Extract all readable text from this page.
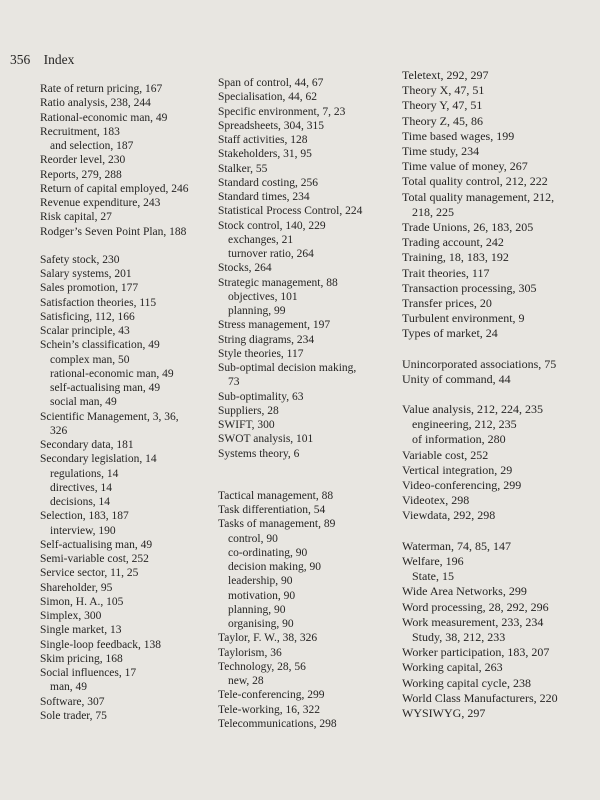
356 Index
Rate of return pricing, 167
Ratio analysis, 238, 244
Rational-economic man, 49
Recruitment, 183
and selection, 187
Reorder level, 230
Reports, 279, 288
Return of capital employed, 246
Revenue expenditure, 243
Risk capital, 27
Rodger’s Seven Point Plan, 188
Safety stock, 230
Salary systems, 201
Sales promotion, 177
Satisfaction theories, 115
Satisficing, 112, 166
Scalar principle, 43
Schein’s classification, 49
complex man, 50
rational-economic man, 49
self-actualising man, 49
social man, 49
Scientific Management, 3, 36,
326
Secondary data, 181
Secondary legislation, 14
regulations, 14
directives, 14
decisions, 14
Selection, 183, 187
interview, 190
Self-actualising man, 49
Semi-variable cost, 252
Service sector, 11, 25
Shareholder, 95
Simon, H. A., 105
Simplex, 300
Single market, 13
Single-loop feedback, 138
Skim pricing, 168
Social influences, 17
man, 49
Software, 307
Sole trader, 75
Span of control, 44, 67
Specialisation, 44, 62
Specific environment, 7, 23
Spreadsheets, 304, 315
Staff activities, 128
Stakeholders, 31, 95
Stalker, 55
Standard costing, 256
Standard times, 234
Statistical Process Control, 224
Stock control, 140, 229
exchanges, 21
turnover ratio, 264
Stocks, 264
Strategic management, 88
objectives, 101
planning, 99
Stress management, 197
String diagrams, 234
Style theories, 117
Sub-optimal decision making,
73
Sub-optimality, 63
Suppliers, 28
SWIFT, 300
SWOT analysis, 101
Systems theory, 6
Tactical management, 88
Task differentiation, 54
Tasks of management, 89
control, 90
co-ordinating, 90
decision making, 90
leadership, 90
motivation, 90
planning, 90
organising, 90
Taylor, F. W., 38, 326
Taylorism, 36
Technology, 28, 56
new, 28
Tele-conferencing, 299
Tele-working, 16, 322
Telecommunications, 298
Teletext, 292, 297
Theory X, 47, 51
Theory Y, 47, 51
Theory Z, 45, 86
Time based wages, 199
Time study, 234
Time value of money, 267
Total quality control, 212, 222
Total quality management, 212,
218, 225
Trade Unions, 26, 183, 205
Trading account, 242
Training, 18, 183, 192
Trait theories, 117
Transaction processing, 305
Transfer prices, 20
Turbulent environment, 9
Types of market, 24
Unincorporated associations, 75
Unity of command, 44
Value analysis, 212, 224, 235
engineering, 212, 235
of information, 280
Variable cost, 252
Vertical integration, 29
Video-conferencing, 299
Videotex, 298
Viewdata, 292, 298
Waterman, 74, 85, 147
Welfare, 196
State, 15
Wide Area Networks, 299
Word processing, 28, 292, 296
Work measurement, 233, 234
Study, 38, 212, 233
Worker participation, 183, 207
Working capital, 263
Working capital cycle, 238
World Class Manufacturers, 220
WYSIWYG, 297
